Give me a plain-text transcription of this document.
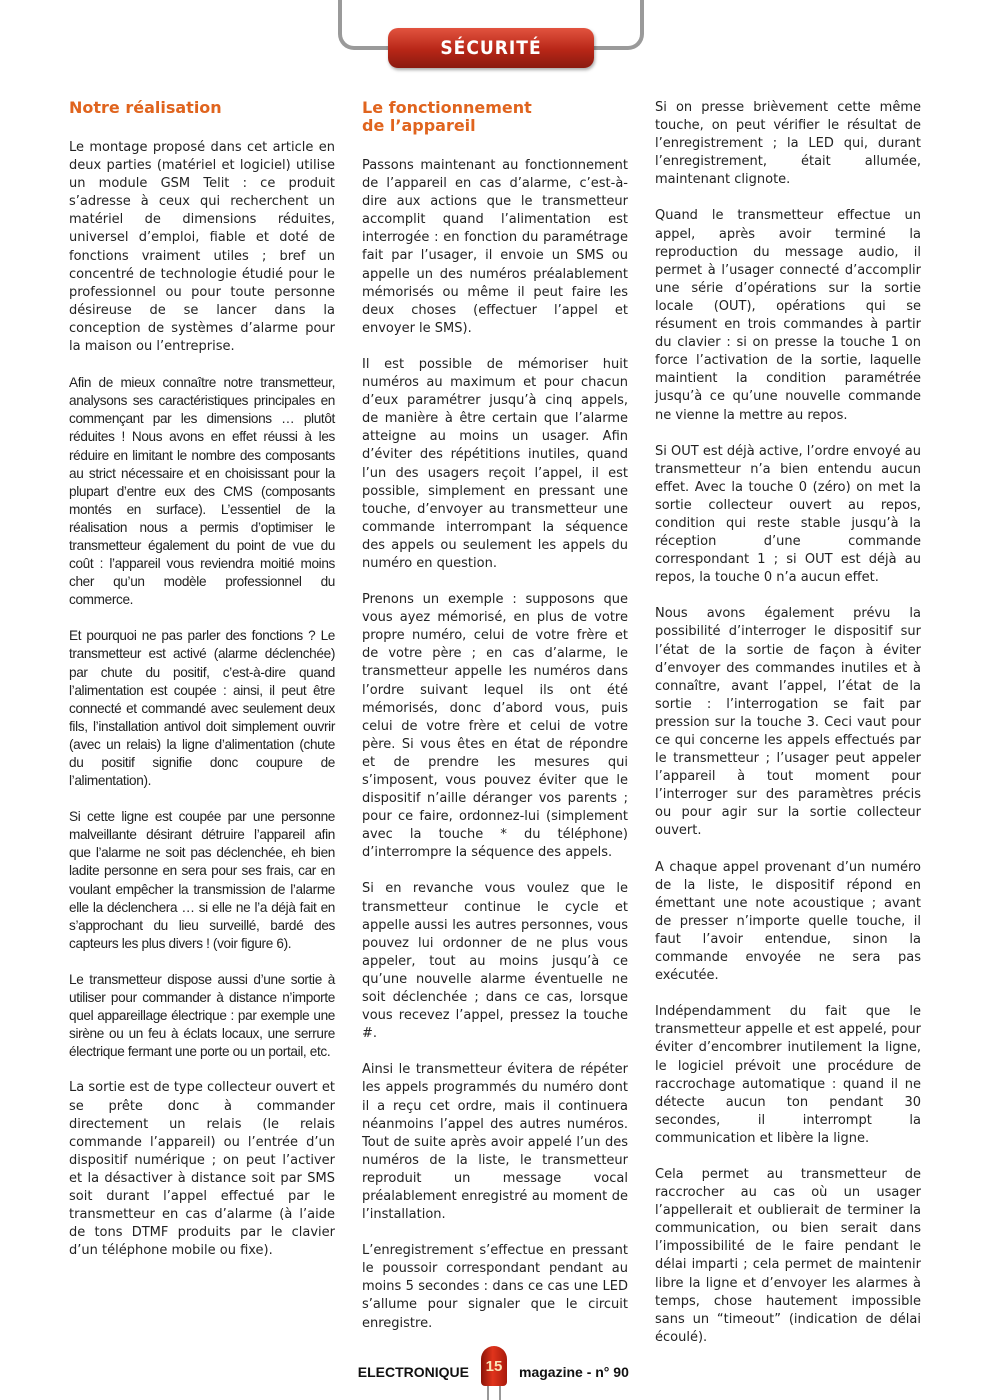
SÉCURITÉ
Notre réalisation

Le montage proposé dans cet article en deux parties (matériel et logiciel) utilise un module GSM Telit : ce produit s’adresse à ceux qui recherchent un matériel de dimensions réduites, universel d’emploi, fiable et doté de fonctions vraiment utiles ; bref un concentré de technologie étudié pour le professionnel ou pour toute personne désireuse de se lancer dans la conception de systèmes d’alarme pour la maison ou l’entreprise.

Afin de mieux connaître notre transmetteur, analysons ses caractéristiques principales en commençant par les dimensions … plutôt réduites ! Nous avons en effet réussi à les réduire en limitant le nombre des composants au strict nécessaire et en choisissant pour la plupart d’entre eux des CMS (composants montés en surface). L’essentiel de la réalisation nous a permis d’optimiser le transmetteur également du point de vue du coût : l’appareil vous reviendra moitié moins cher qu’un modèle professionnel du commerce.

Et pourquoi ne pas parler des fonctions ? Le transmetteur est activé (alarme déclenchée) par chute du positif, c’est-à-dire quand l’alimentation est coupée : ainsi, il peut être connecté et commandé avec seulement deux fils, l’installation antivol doit simplement ouvrir (avec un relais) la ligne d’alimentation (chute du positif signifie donc coupure de l’alimentation).

Si cette ligne est coupée par une personne malveillante désirant détruire l’appareil afin que l’alarme ne soit pas déclenchée, eh bien ladite personne en sera pour ses frais, car en voulant empêcher la transmission de l’alarme elle la déclenchera … si elle ne l’a déjà fait en s’approchant du lieu surveillé, bardé des capteurs les plus divers ! (voir figure 6).

Le transmetteur dispose aussi d’une sortie à utiliser pour commander à distance n’importe quel appareillage électrique : par exemple une sirène ou un feu à éclats locaux, une serrure électrique fermant une porte ou un portail, etc.

La sortie est de type collecteur ouvert et se prête donc à commander directement un relais (le relais commande l’appareil) ou l’entrée d’un dispositif numérique ; on peut l’activer et la désactiver à distance soit par SMS soit durant l’appel effectué par le transmetteur en cas d’alarme (à l’aide de tons DTMF produits par le clavier d’un téléphone mobile ou fixe).

Le fonctionnement
de l’appareil

Passons maintenant au fonctionnement de l’appareil en cas d’alarme, c’est-à-dire aux actions que le transmetteur accomplit quand l’alimentation est interrogée : en fonction du paramétrage fait par l’usager, il envoie un SMS ou appelle un des numéros préalablement mémorisés ou même il peut faire les deux choses (effectuer l’appel et envoyer le SMS).

Il est possible de mémoriser huit numéros au maximum et pour chacun d’eux paramétrer jusqu’à cinq appels, de manière à être certain que l’alarme atteigne au moins un usager. Afin d’éviter des répétitions inutiles, quand l’un des usagers reçoit l’appel, il est possible, simplement en pressant une touche, d’envoyer au transmetteur une commande interrompant la séquence des appels ou seulement les appels du numéro en question.

Prenons un exemple : supposons que vous ayez mémorisé, en plus de votre propre numéro, celui de votre frère et de votre père ; en cas d’alarme, le transmetteur appelle les numéros dans l’ordre suivant lequel ils ont été mémorisés, donc d’abord vous, puis celui de votre frère et celui de votre père. Si vous êtes en état de répondre et de prendre les mesures qui s’imposent, vous pouvez éviter que le dispositif n’aille déranger vos parents ; pour ce faire, ordonnez-lui (simplement avec la touche * du téléphone) d’interrompre la séquence des appels.

Si en revanche vous voulez que le transmetteur continue le cycle et appelle aussi les autres personnes, vous pouvez lui ordonner de ne plus vous appeler, tout au moins jusqu’à ce qu’une nouvelle alarme éventuelle ne soit déclenchée ; dans ce cas, lorsque vous recevez l’appel, pressez la touche #.

Ainsi le transmetteur évitera de répéter les appels programmés du numéro dont il a reçu cet ordre, mais il continuera néanmoins l’appel des autres numéros. Tout de suite après avoir appelé l’un des numéros de la liste, le transmetteur reproduit un message vocal préalablement enregistré au moment de l’installation.

L’enregistrement s’effectue en pressant le poussoir correspondant pendant au moins 5 secondes : dans ce cas une LED s’allume pour signaler que le circuit enregistre.

Si on presse brièvement cette même touche, on peut vérifier le résultat de l’enregistrement ; la LED qui, durant l’enregistrement, était allumée, maintenant clignote.

Quand le transmetteur effectue un appel, après avoir terminé la reproduction du message audio, il permet à l’usager connecté d’accomplir une série d’opérations sur la sortie locale (OUT), opérations qui se résument en trois commandes à partir du clavier : si on presse la touche 1 on force l’activation de la sortie, laquelle maintient la condition paramétrée jusqu’à ce qu’une nouvelle commande ne vienne la mettre au repos.

Si OUT est déjà active, l’ordre envoyé au transmetteur n’a bien entendu aucun effet. Avec la touche 0 (zéro) on met la sortie collecteur ouvert au repos, condition qui reste stable jusqu’à la réception d’une commande correspondant 1 ; si OUT est déjà au repos, la touche 0 n’a aucun effet.

Nous avons également prévu la possibilité d’interroger le dispositif sur l’état de la sortie de façon à éviter d’envoyer des commandes inutiles et à connaître, avant l’appel, l’état de la sortie : l’interrogation se fait par pression sur la touche 3. Ceci vaut pour ce qui concerne les appels effectués par le transmetteur ; l’usager peut appeler l’appareil à tout moment pour l’interroger sur des paramètres précis ou pour agir sur la sortie collecteur ouvert.

A chaque appel provenant d’un numéro de la liste, le dispositif répond en émettant une note acoustique ; avant de presser n’importe quelle touche, il faut l’avoir entendue, sinon la commande envoyée ne sera pas exécutée.

Indépendamment du fait que le transmetteur appelle et est appelé, pour éviter d’encombrer inutilement la ligne, le logiciel prévoit une procédure de raccrochage automatique : quand il ne détecte aucun ton pendant 30 secondes, il interrompt la communication et libère la ligne.

Cela permet au transmetteur de raccrocher au cas où un usager l’appellerait et oublierait de terminer la communication, ou bien serait dans l’impossibilité de le faire pendant le délai imparti ; cela permet de maintenir libre la ligne et d’envoyer les alarmes à temps, chose hautement impossible sans un “timeout” (indication de délai écoulé).

ELECTRONIQUE 15 magazine - n° 90
